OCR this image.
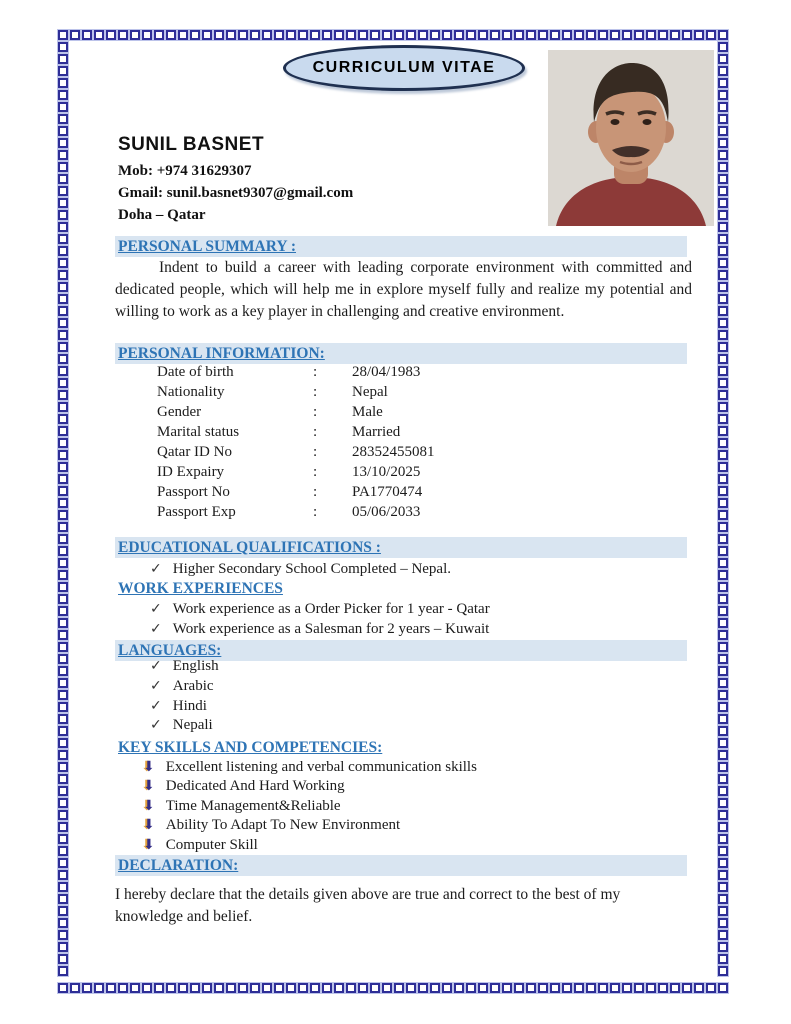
CURRICULUM VITAE
SUNIL BASNET
Mob: +974 31629307
Gmail: sunil.basnet9307@gmail.com
Doha – Qatar
PERSONAL SUMMARY :
Indent to build a career with leading corporate environment with committed and dedicated people, which will help me in explore myself fully and realize my potential and willing to work as a key player in challenging and creative environment.
PERSONAL INFORMATION:
Date of birth	:	28/04/1983
Nationality	:	Nepal
Gender	:	Male
Marital status	:	Married
Qatar ID No	:	28352455081
ID Expairy	:	13/10/2025
Passport No	:	PA1770474
Passport Exp	:	05/06/2033
EDUCATIONAL QUALIFICATIONS :
✓ Higher Secondary School Completed – Nepal.
WORK EXPERIENCES
✓ Work experience as a Order Picker for 1 year - Qatar
✓ Work experience as a Salesman for 2 years – Kuwait
LANGUAGES:
✓ English
✓ Arabic
✓ Hindi
✓ Nepali
KEY SKILLS AND COMPETENCIES:
⬇ Excellent listening and verbal communication skills
⬇ Dedicated And Hard Working
⬇ Time Management&Reliable
⬇ Ability To Adapt To New Environment
⬇ Computer Skill
DECLARATION:
I hereby declare that the details given above are true and correct to the best of my knowledge and belief.
